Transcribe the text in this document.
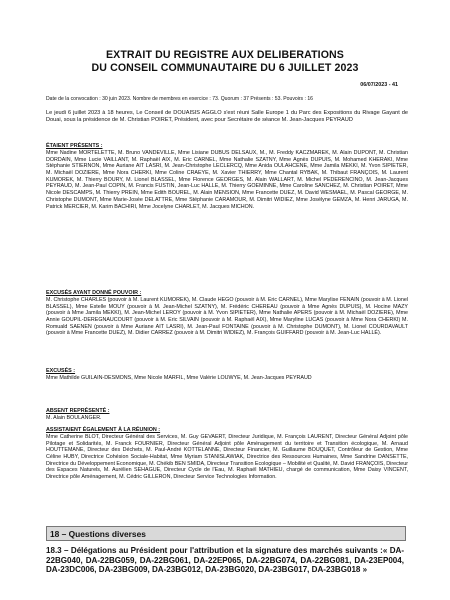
EXTRAIT DU REGISTRE AUX DELIBERATIONS
DU CONSEIL COMMUNAUTAIRE DU 6 JUILLET 2023
06/07/2023 - 41
Date de la convocation : 30 juin 2023. Nombre de membres en exercice : 73. Quorum : 37 Présents : 53. Pouvoirs : 16
Le jeudi 6 juillet 2023 à 18 heures, Le Conseil de DOUAISIS AGGLO s'est réuni Salle Europe 1 du Parc des Expositions du Rivage Gayant de Douai, sous la présidence de M. Christian POIRET, Président, avec pour Secrétaire de séance M. Jean-Jacques PEYRAUD
ÉTAIENT PRÉSENTS :
Mme Nadine MORTELETTE, M. Bruno VANDEVILLE, Mme Lisiane DUBUS DELSAUX, M., M. Freddy KACZMAREK, M. Alain DUPONT, M. Christian DORDAIN, Mme Lucie VAILLANT, M. Raphaël AIX, M. Eric CARNEL, Mme Nathalie SZATNY, Mme Agnès DUPUIS, M. Mohamed KHERAKI, Mme Stéphanie STIERNON, Mme Auriane AIT LASRI, M. Jean-Christophe LECLERCQ, Mme Anida OULAHCENE, Mme Jamila MEKKI, M. Yvon SIPIETER, M. Michaël DOZIERE, Mme Nora CHERKI, Mme Coline CRAEYE, M. Xavier THIERRY, Mme Chantal RYBAK, M. Thibaut FRANÇOIS, M. Laurent KUMOREK, M. Thierry BOURY, M. Lionel BLASSEL, Mme Florence GEORGES, M. Alain WALLART, M. Michel PEDERENCINO, M. Jean-Jacques PEYRAUD, M. Jean-Paul COPIN, M. Francis FUSTIN, Jean-Luc HALLE, M. Thierry GOEMINNE, Mme Caroline SANCHEZ, M. Christian POIRET, Mme Nicole DESCAMPS, M. Thierry PREIN, Mme Edith BOUREL, M. Alain MENSION, Mme Francette DUEZ, M. David WESMAEL, M. Pascal GEORGE, M. Christophe DUMONT, Mme Marie-Josée DELATTRE, Mme Stéphanie CARAMOUR, M. Dimitri WIDIEZ, Mme Josélyne GEMZA, M. Henri JARUGA, M. Patrick MERCIER, M. Karim BACHIRI, Mme Jocelyne CHARLET, M. Jacques MICHON.
EXCUSÉS AYANT DONNÉ POUVOIR :
M. Christophe CHARLES (pouvoir à M. Laurent KUMOREK), M. Claude HEGO (pouvoir à M. Eric CARNEL), Mme Marylise FENAIN (pouvoir à M. Lionel BLASSEL), Mme Estelle MOUY (pouvoir à M. Jean-Michel SZATNY), M. Frédéric CHEREAU (pouvoir à Mme Agnès DUPUIS), M. Hocine MAZY (pouvoir à Mme Jamila MEKKI), M. Jean-Michel LEROY (pouvoir à M. Yvon SIPIETER), Mme Nathalie APERS (pouvoir à M. Michaël DOZIERE), Mme Annie GOUPIL-DEREGNAUCOURT (pouvoir à M. Eric SILVAIN (pouvoir à M. Raphaël AIX), Mme Maryline LUCAS (pouvoir à Mme Nora CHERKI) M. Romuald SAENEN (pouvoir à Mme Auriane AIT LASRI), M. Jean-Paul FONTAINE (pouvoir à M. Christophe DUMONT), M. Lionel COURDAVAULT (pouvoir à Mme Francette DUEZ), M. Didier CARREZ (pouvoir à M. Dimitri WIDIEZ), M. François GUIFFARD (pouvoir à M. Jean-Luc HALLÉ).
EXCUSÉS :
Mme Mathilde GUILAIN-DESMONS, Mme Nicole MARFIL, Mme Valérie LOUWYE, M. Jean-Jacques PEYRAUD
ABSENT REPRÉSENTÉ :
M. Alain BOULANGER.
ASSISTAIENT ÉGALEMENT À LA RÉUNION :
Mme Catherine BLOT, Directeur Général des Services, M. Guy GEVAERT, Directeur Juridique, M. François LAURENT, Directeur Général Adjoint pôle Pilotage et Solidarités, M. Franck FOURNIER, Directeur Général Adjoint pôle Aménagement du territoire et Transition écologique, M. Arnaud HOUTTEMANE, Directeur des Déchets, M. Paul-André KOTTELANNE, Directeur Financier, M. Guillaume BOUQUET, Contrôleur de Gestion, Mme Céline HUBY, Directrice Cohésion Sociale-Habitat, Mme Myriam STANISLAWIAK, Directrice des Ressources Humaines, Mme Sandrine DANSETTE, Directrice du Développement Economique, M. Chékib BEN SMIDA, Directeur Transition Ecologique – Mobilité et Qualité, M. David FRANÇOIS, Directeur des Espaces Naturels, M. Aurélien SEHAGUE, Directeur Cycle de l'Eau, M. Raphaël MATHIEU, chargé de communication, Mme Daisy VINCENT, Directrice pôle Aménagement, M. Cédric GILLERON, Directeur Service Technologies Information.
18 – Questions diverses
18.3 – Délégations au Président pour l'attribution et la signature des marchés suivants :« DA-22BG040, DA-22BG059, DA-22BG061, DA-22EP065, DA-22BG074, DA-22BG081, DA-23EP004, DA-23DC006, DA-23BG009, DA-23BG012, DA-23BG020, DA-23BG017, DA-23BG018 »
